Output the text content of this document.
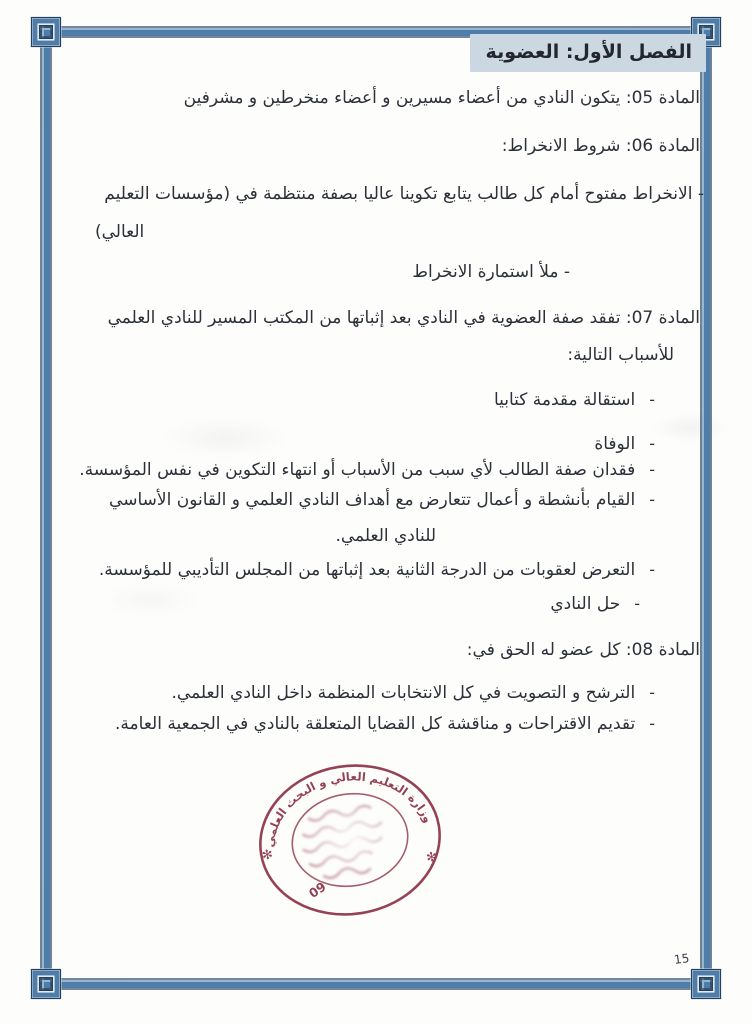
الفصل الأول: العضوية
المادة 05: يتكون النادي من أعضاء مسيرين و أعضاء منخرطين و مشرفين
المادة 06: شروط الانخراط:
- الانخراط مفتوح أمام كل طالب يتابع تكوينا عاليا بصفة منتظمة في (مؤسسات التعليم
العالي)
- ملأ استمارة الانخراط
المادة 07: تفقد صفة العضوية في النادي بعد إثباتها من المكتب المسير للنادي العلمي
للأسباب التالية:
-
استقالة مقدمة كتابيا
-
الوفاة
-
فقدان صفة الطالب لأي سبب من الأسباب أو انتهاء التكوين في نفس المؤسسة.
-
القيام بأنشطة و أعمال تتعارض مع أهداف النادي العلمي و القانون الأساسي
للنادي العلمي.
-
التعرض لعقوبات من الدرجة الثانية بعد إثباتها من المجلس التأديبي للمؤسسة.
-
حل النادي
المادة 08: كل عضو له الحق في:
-
الترشح و التصويت في كل الانتخابات المنظمة داخل النادي العلمي.
-
تقديم الاقتراحات و مناقشة كل القضايا المتعلقة بالنادي في الجمعية العامة.
وزارة التعليم العالي و البحث العلمي
✻	✻
09
15
